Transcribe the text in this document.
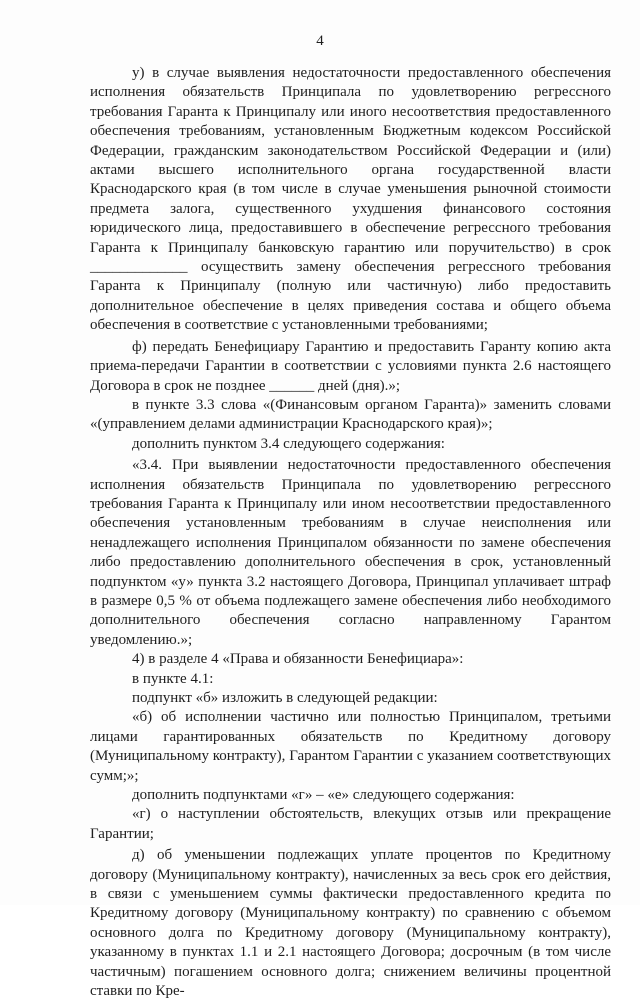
4

у) в случае выявления недостаточности предоставленного обеспечения исполнения обязательств Принципала по удовлетворению регрессного требования Гаранта к Принципалу или иного несоответствия предоставленного обеспечения требованиям, установленным Бюджетным кодексом Российской Федерации, гражданским законодательством Российской Федерации и (или) актами высшего исполнительного органа государственной власти Краснодарского края (в том числе в случае уменьшения рыночной стоимости предмета залога, существенного ухудшения финансового состояния юридического лица, предоставившего в обеспечение регрессного требования Гаранта к Принципалу банковскую гарантию или поручительство) в срок _____________ осуществить замену обеспечения регрессного требования Гаранта к Принципалу (полную или частичную) либо предоставить дополнительное обеспечение в целях приведения состава и общего объема обеспечения в соответствие с установленными требованиями;

ф) передать Бенефициару Гарантию и предоставить Гаранту копию акта приема-передачи Гарантии в соответствии с условиями пункта 2.6 настоящего Договора в срок не позднее ______ дней (дня).»;

в пункте 3.3 слова «(Финансовым органом Гаранта)» заменить словами «(управлением делами администрации Краснодарского края)»;

дополнить пунктом 3.4 следующего содержания:

«3.4. При выявлении недостаточности предоставленного обеспечения исполнения обязательств Принципала по удовлетворению регрессного требования Гаранта к Принципалу или ином несоответствии предоставленного обеспечения установленным требованиям в случае неисполнения или ненадлежащего исполнения Принципалом обязанности по замене обеспечения либо предоставлению дополнительного обеспечения в срок, установленный подпунктом «у» пункта 3.2 настоящего Договора, Принципал уплачивает штраф в размере 0,5 % от объема подлежащего замене обеспечения либо необходимого дополнительного обеспечения согласно направленному Гарантом уведомлению.»;

4) в разделе 4 «Права и обязанности Бенефициара»:

в пункте 4.1:

подпункт «б» изложить в следующей редакции:

«б) об исполнении частично или полностью Принципалом, третьими лицами гарантированных обязательств по Кредитному договору (Муниципальному контракту), Гарантом Гарантии с указанием соответствующих сумм;»;

дополнить подпунктами «г» – «е» следующего содержания:

«г) о наступлении обстоятельств, влекущих отзыв или прекращение Гарантии;

д) об уменьшении подлежащих уплате процентов по Кредитному договору (Муниципальному контракту), начисленных за весь срок его действия, в связи с уменьшением суммы фактически предоставленного кредита по Кредитному договору (Муниципальному контракту) по сравнению с объемом основного долга по Кредитному договору (Муниципальному контракту), указанному в пунктах 1.1 и 2.1 настоящего Договора; досрочным (в том числе частичным) погашением основного долга; снижением величины процентной ставки по Кре-
